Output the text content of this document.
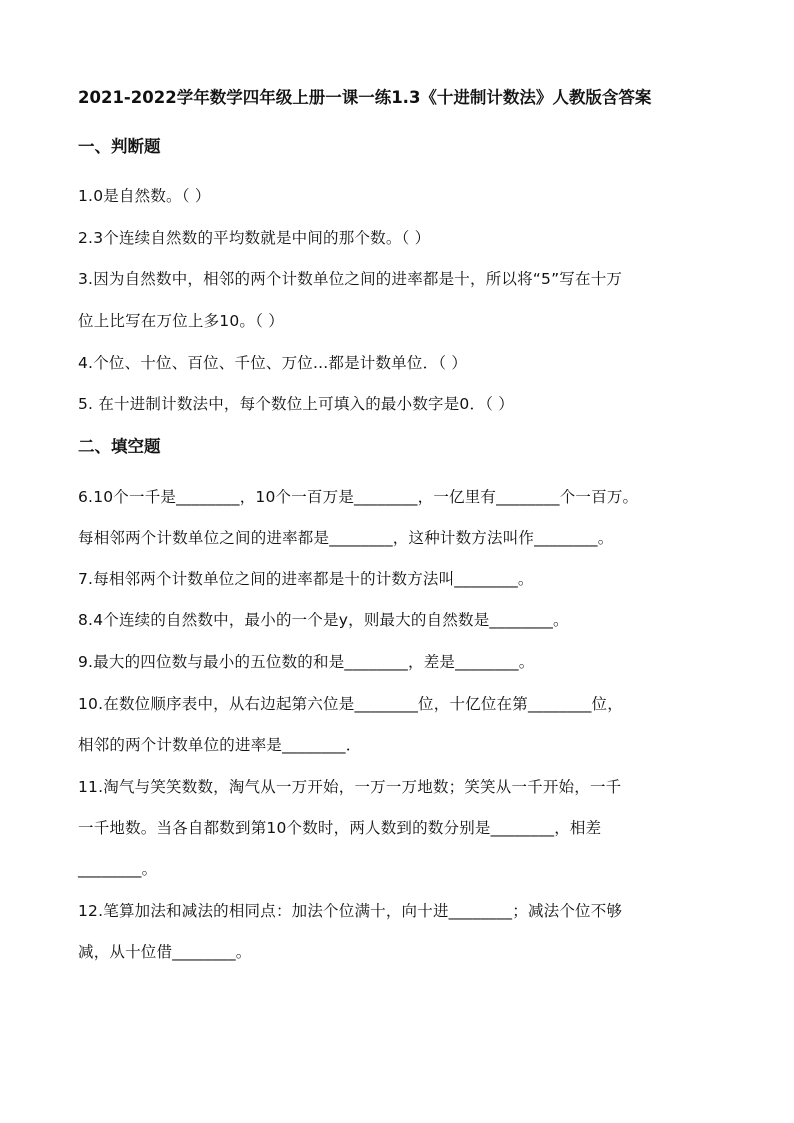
2021-2022学年数学四年级上册一课一练1.3《十进制计数法》人教版含答案
一、判断题
1.0是自然数。（ ）
2.3个连续自然数的平均数就是中间的那个数。（ ）
3.因为自然数中，相邻的两个计数单位之间的进率都是十，所以将“5”写在十万
位上比写在万位上多10。（ ）
4.个位、十位、百位、千位、万位...都是计数单位．（ ）
5. 在十进制计数法中，每个数位上可填入的最小数字是0．（ ）
二、填空题
6.10个一千是________，10个一百万是________，一亿里有________个一百万。
每相邻两个计数单位之间的进率都是________，这种计数方法叫作________。
7.每相邻两个计数单位之间的进率都是十的计数方法叫________。
8.4个连续的自然数中，最小的一个是y，则最大的自然数是________。
9.最大的四位数与最小的五位数的和是________，差是________。
10.在数位顺序表中，从右边起第六位是________位，十亿位在第________位，
相邻的两个计数单位的进率是________．
11.淘气与笑笑数数，淘气从一万开始，一万一万地数；笑笑从一千开始，一千
一千地数。当各自都数到第10个数时，两人数到的数分别是________，相差
________。
12.笔算加法和减法的相同点：加法个位满十，向十进________；减法个位不够
减，从十位借________。
